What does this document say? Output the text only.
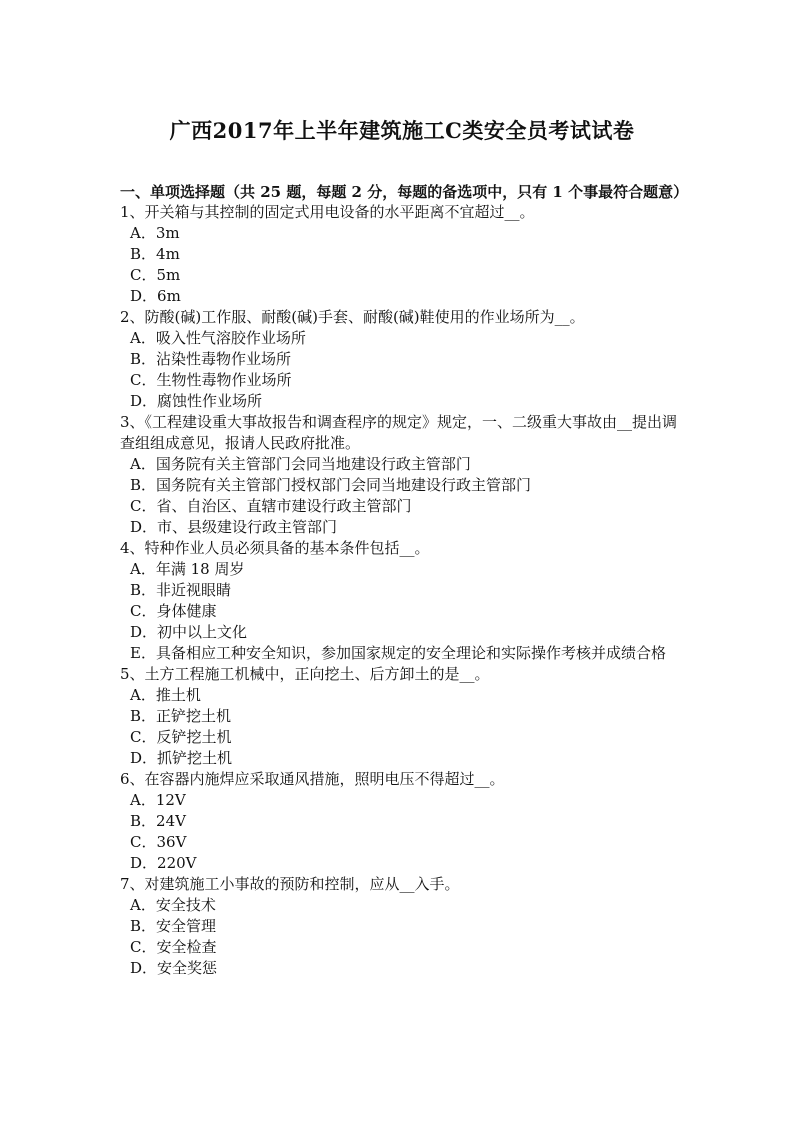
广西2017年上半年建筑施工C类安全员考试试卷

一、单项选择题（共 25 题，每题 2 分，每题的备选项中，只有 1 个事最符合题意）

1、开关箱与其控制的固定式用电设备的水平距离不宜超过__。

A．3m

B．4m

C．5m

D．6m

2、防酸(碱)工作服、耐酸(碱)手套、耐酸(碱)鞋使用的作业场所为__。

A．吸入性气溶胶作业场所

B．沾染性毒物作业场所

C．生物性毒物作业场所

D．腐蚀性作业场所

3、《工程建设重大事故报告和调查程序的规定》规定，一、二级重大事故由__提出调查组组成意见，报请人民政府批准。

A．国务院有关主管部门会同当地建设行政主管部门

B．国务院有关主管部门授权部门会同当地建设行政主管部门

C．省、自治区、直辖市建设行政主管部门

D．市、县级建设行政主管部门

4、特种作业人员必须具备的基本条件包括__。

A．年满 18 周岁

B．非近视眼睛

C．身体健康

D．初中以上文化

E．具备相应工种安全知识，参加国家规定的安全理论和实际操作考核并成绩合格

5、土方工程施工机械中，正向挖土、后方卸土的是__。

A．推土机

B．正铲挖土机

C．反铲挖土机

D．抓铲挖土机

6、在容器内施焊应采取通风措施，照明电压不得超过__。

A．12V

B．24V

C．36V

D．220V

7、对建筑施工小事故的预防和控制，应从__入手。

A．安全技术

B．安全管理

C．安全检查

D．安全奖惩
